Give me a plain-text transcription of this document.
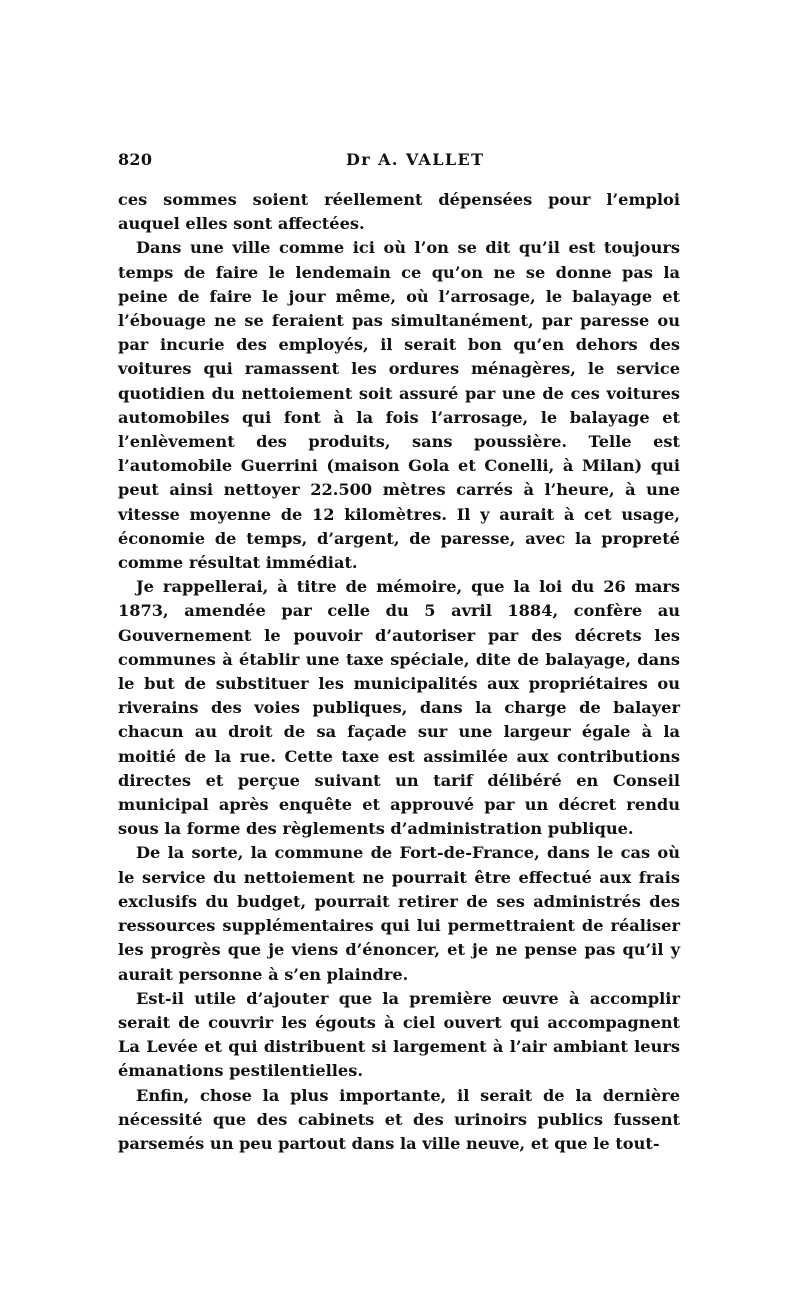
820	Dr A. VALLET

ces sommes soient réellement dépensées pour l’emploi auquel elles sont affectées.

Dans une ville comme ici où l’on se dit qu’il est toujours temps de faire le lendemain ce qu’on ne se donne pas la peine de faire le jour même, où l’arrosage, le balayage et l’ébouage ne se feraient pas simultanément, par paresse ou par incurie des employés, il serait bon qu’en dehors des voitures qui ramassent les ordures ménagères, le service quotidien du nettoiement soit assuré par une de ces voitures automobiles qui font à la fois l’arrosage, le balayage et l’enlèvement des produits, sans poussière. Telle est l’automobile Guerrini (maison Gola et Conelli, à Milan) qui peut ainsi nettoyer 22.500 mètres carrés à l’heure, à une vitesse moyenne de 12 kilomètres. Il y aurait à cet usage, économie de temps, d’argent, de paresse, avec la propreté comme résultat immédiat.

Je rappellerai, à titre de mémoire, que la loi du 26 mars 1873, amendée par celle du 5 avril 1884, confère au Gouvernement le pouvoir d’autoriser par des décrets les communes à établir une taxe spéciale, dite de balayage, dans le but de substituer les municipalités aux propriétaires ou riverains des voies publiques, dans la charge de balayer chacun au droit de sa façade sur une largeur égale à la moitié de la rue. Cette taxe est assimilée aux contributions directes et perçue suivant un tarif délibéré en Conseil municipal après enquête et approuvé par un décret rendu sous la forme des règlements d’administration publique.

De la sorte, la commune de Fort-de-France, dans le cas où le service du nettoiement ne pourrait être effectué aux frais exclusifs du budget, pourrait retirer de ses administrés des ressources supplémentaires qui lui permettraient de réaliser les progrès que je viens d’énoncer, et je ne pense pas qu’il y aurait personne à s’en plaindre.

Est-il utile d’ajouter que la première œuvre à accomplir serait de couvrir les égouts à ciel ouvert qui accompagnent La Levée et qui distribuent si largement à l’air ambiant leurs émanations pestilentielles.

Enfin, chose la plus importante, il serait de la dernière nécessité que des cabinets et des urinoirs publics fussent parsemés un peu partout dans la ville neuve, et que le tout-
